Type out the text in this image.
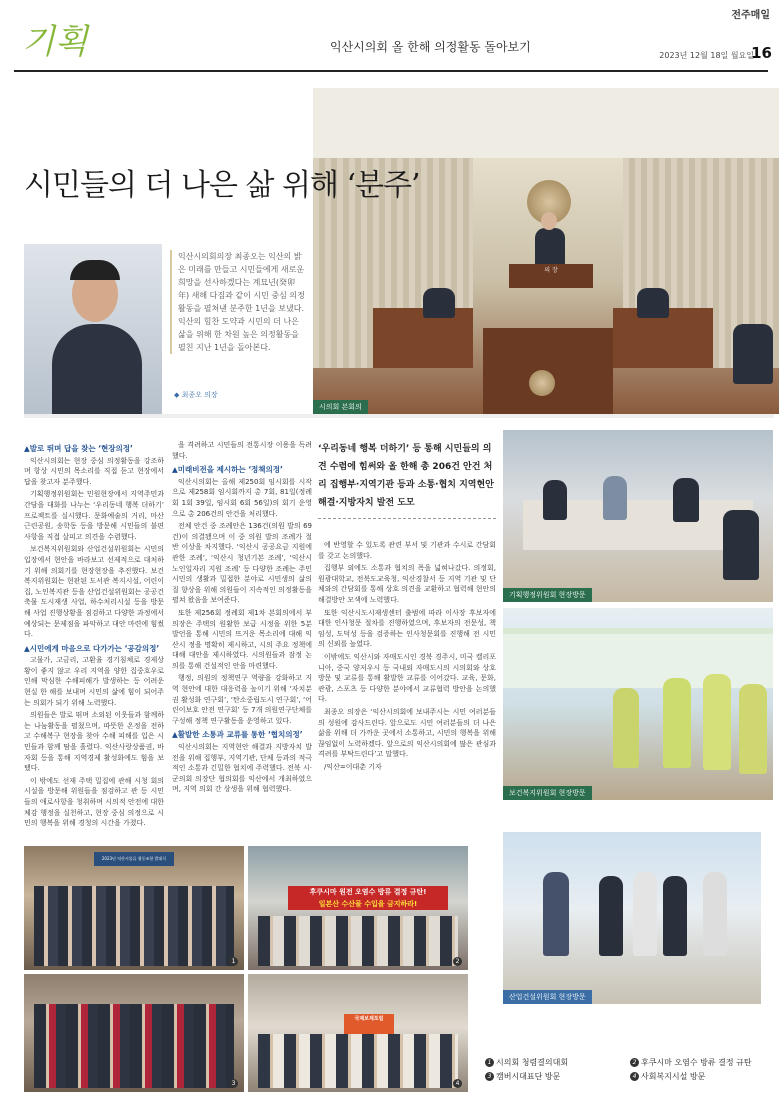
기획
전주매일
익산시의회 올 한해 의정활동 돌아보기
2023년 12월 18일 월요일
16
의 장
시의회 본회의
시민들의 더 나은 삶 위해 ‘분주’
익산시의회의장 최종오는 익산의 밝은 미래를 만들고 시민들에게 새로운 희망을 선사하겠다는 계묘년(癸卯年) 새해 다짐과 같이 시민 중심 의정활동을 펼쳐낸 분주한 1년을 보냈다. 익산의 힘찬 도약과 시민의 더 나은 삶을 위해 한 차원 높은 의정활동을 펼친 지난 1년을 돌아본다.
◆ 최종오 의장
▲발로 뛰며 답을 찾는 ‘현장의정’

익산시의회는 현장 중심 의정활동을 강조하며 항상 시민의 목소리를 직접 듣고 현장에서 답을 찾고자 분주했다.

기획행정위원회는 민원현장에서 지역주민과 간담을 대화를 나누는 ‘우리동네 행복 더하기’ 프로젝트를 실시했다. 문화예술의 거리, 마산근린공원, 송학동 등을 방문해 시민들의 불편사항을 직접 살피고 의견을 수렴했다.

보건복지위원회와 산업건설위원회는 시민의 입장에서 현안을 바라보고 선제적으로 대처하기 위해 의회기를 현장현장을 추진했다. 보건복지위원회는 현판된 도서관 복지시설, 어린이집, 노인복지관 등을 산업건설위원회는 공공건축물 도시재생 사업, 하수처리시설 등을 방문해 사업 진행상황을 점검하고 다양한 과정에서 예상되는 문제점을 파악하고 대안 마련에 힘썼다.

▲시민에게 마음으로 다가가는 ‘공감의정’

고물가, 고금리, 고환율 경기침체로 경제상황이 좋지 않고 우리 지역을 양한 집중호우로 인해 막심한 수해피해가 발생하는 등 어려운 현실 한 해를 보내며 시민의 삶에 힘이 되어주는 의회가 되기 위해 노력했다.

의원들은 발로 뛰며 소외된 이웃들과 함께하는 나눔활동을 펼쳤으며, 따뜻한 온정을 전하고 수해복구 현장을 찾아 수해 피해를 입은 시민들과 함께 땀을 흘렸다. 익산사랑상품권, 바자회 등을 통해 지역경제 활성화에도 힘을 보탰다.

이 밖에도 선재 주택 밀집에 관해 시청 회의 시설을 방문해 위원들을 점검하고 관 등 시민들의 애로사항을 청취하며 시의적 안전에 대한 체감 행정을 실천하고, 현장 중심 의정으로 시민의 행복을 위해 경청의 시간을 가졌다.

을 격려하고 시민들의 전통시장 이용을 독려했다.

▲미래비전을 제시하는 ‘정책의정’

익산시의회는 올해 제250회 임시회를 시작으로 제258회 임시회까지 총 7회, 81일(정례회 1회 39일, 임시회 6회 56일)의 회기 운영으로 총 206건의 안건을 처리했다.

전체 안건 중 조례안은 136건(의원 발의 69건)이 의결됐으며 이 중 의원 발의 조례가 절반 이상을 차지했다. ‘익산시 공공요금 지원에 관한 조례’, ‘익산시 청년기본 조례’, ‘익산시 노인일자리 지원 조례’ 등 다양한 조례는 주민 시민의 생활과 밀접한 분야로 시민생의 삶의 질 향상을 위해 의원들이 지속적인 의정활동을 펼쳐 왔음을 보여준다.

또한 제256회 정례회 제1차 본회의에서 부의장은 주택의 원활한 보급 시정을 위한 5분 발언을 통해 시민의 뜨거운 목소리에 대해 익산시 정을 명확히 제시하고, 시의 주요 정책에 대해 대안을 제시하였다. 시의원들과 잠정 논의를 통해 건설적인 안을 마련했다.

행정, 의원의 정책연구 역량을 강화하고 지역 현안에 대한 대응력을 높이기 위해 ‘자치분권 활성화 연구회’, ‘탄소중립도시 연구회’, ‘어린이보호 안전 연구회’ 등 7개 의원연구단체를 구성해 정책 연구활동을 운영하고 있다.

▲활발한 소통과 교류를 통한 ‘협치의정’

익산시의회는 지역현안 해결과 지방자치 발전을 위해 집행부, 지역기관, 단체 등과의 적극적인 소통과 긴밀한 협치에 주력했다. 전북 시·군의회 의장단 협의회를 익산에서 개최하였으며, 지역 의회 간 상생을 위해 협력했다.

‘우리동네 행복 더하기’ 등 통해 시민들의 의견 수렴에 힘써와 올 한해 총 206건 안건 처리 집행부·지역기관 등과 소통·협치 지역현안 해결·지방자치 발전 도모

에 반영할 수 있도록 관련 부서 및 기관과 수시로 간담회를 갖고 논의했다.

집행부 외에도 소통과 협치의 폭을 넓혀나갔다. 의정회, 원광대학교, 전북도교육청, 익산경찰서 등 지역 기관 및 단체와의 간담회를 통해 상호 의견을 교환하고 협력해 현안의 해결방안 모색에 노력했다.

또한 익산시도시재생센터 출범에 따라 이사장 후보자에 대한 인사청문 절차를 진행하였으며, 후보자의 전문성, 책임성, 도덕성 등을 검증하는 인사청문회를 진행해 전 시민의 신뢰를 높였다.

이밖에도 익산시와 자매도시인 경북 경주시, 미국 캘리포니아, 중국 양저우시 등 국내외 자매도시의 시의회와 상호 방문 및 교류를 통해 활발한 교류를 이어갔다. 교육, 문화, 관광, 스포츠 등 다양한 분야에서 교류협력 방안을 논의했다.

최종오 의장은 ‘익산시의회에 보내주시는 시민 여러분들의 성원에 감사드린다. 앞으로도 시민 여러분들의 더 나은 삶을 위해 더 가까운 곳에서 소통하고, 시민의 행복을 위해 끊임없이 노력하겠다. 앞으로의 익산시의회에 많은 관심과 격려를 부탁드린다’고 말했다.

/익산=이대춘 기자

기획행정위원회 현장방문
보건복지위원회 현장방문
산업건설위원회 현장방문
2023년 익산시물류 협동조합 발대식
1
후쿠시마 원전 오염수 방류 결정 규탄!
일본산 수산물 수입을 금지하라!
2
3
국제보제포럼
4
1 시의회 청렴결의대회	2 후쿠시마 오염수 방류 결정 규탄
3 캠버시대표단 방문	4 사회복지시설 방문
